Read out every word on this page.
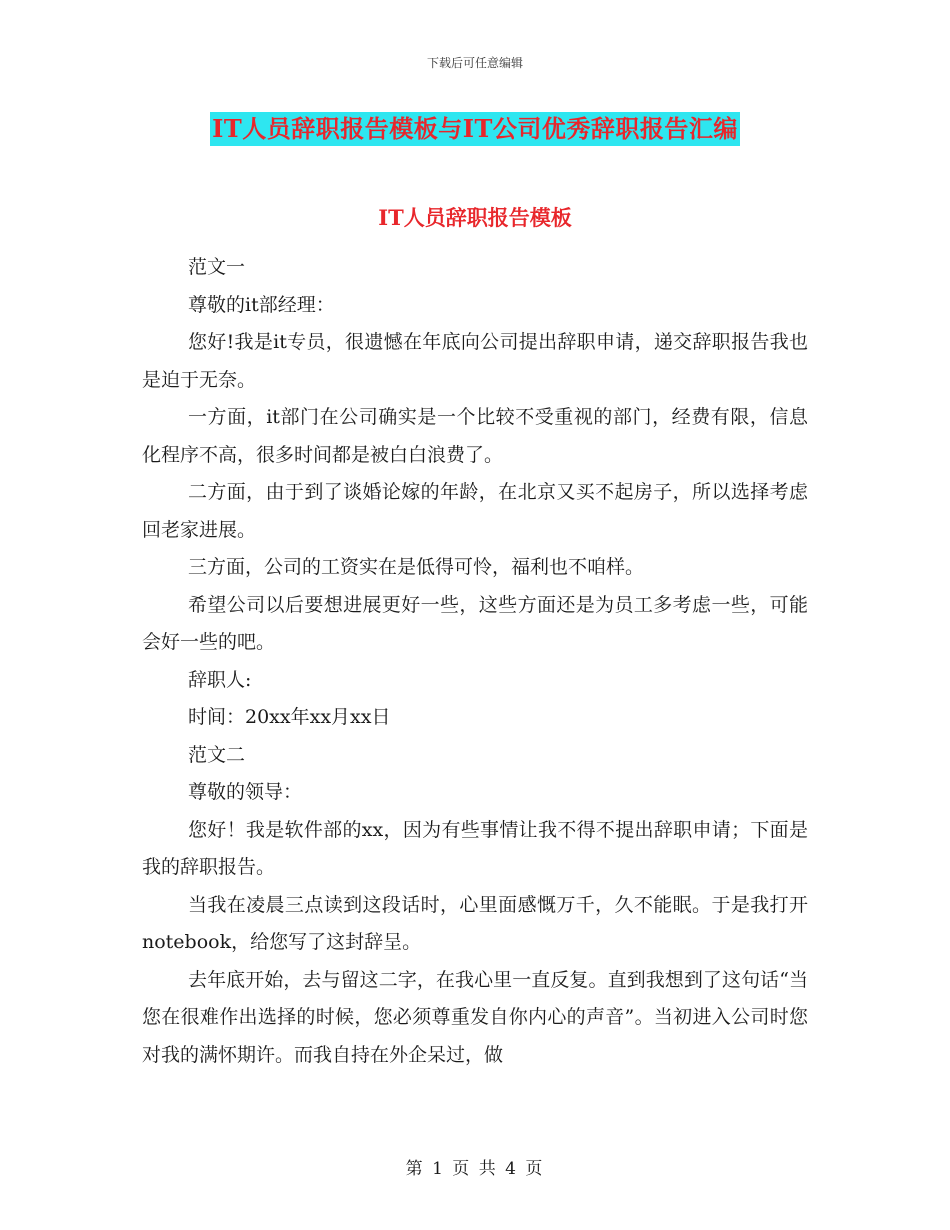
下载后可任意编辑
IT人员辞职报告模板与IT公司优秀辞职报告汇编
IT人员辞职报告模板

范文一

尊敬的it部经理：

您好!我是it专员，很遗憾在年底向公司提出辞职申请，递交辞职报告我也是迫于无奈。

一方面，it部门在公司确实是一个比较不受重视的部门，经费有限，信息化程序不高，很多时间都是被白白浪费了。

二方面，由于到了谈婚论嫁的年龄，在北京又买不起房子，所以选择考虑回老家进展。

三方面，公司的工资实在是低得可怜，福利也不咱样。

希望公司以后要想进展更好一些，这些方面还是为员工多考虑一些，可能会好一些的吧。

辞职人:

时间：20xx年xx月xx日

范文二

尊敬的领导：

您好！我是软件部的xx，因为有些事情让我不得不提出辞职申请；下面是我的辞职报告。

当我在凌晨三点读到这段话时，心里面感慨万千，久不能眠。于是我打开notebook，给您写了这封辞呈。

去年底开始，去与留这二字，在我心里一直反复。直到我想到了这句话“当您在很难作出选择的时候，您必须尊重发自你内心的声音”。当初进入公司时您对我的满怀期许。而我自持在外企呆过，做

第 1 页 共 4 页
